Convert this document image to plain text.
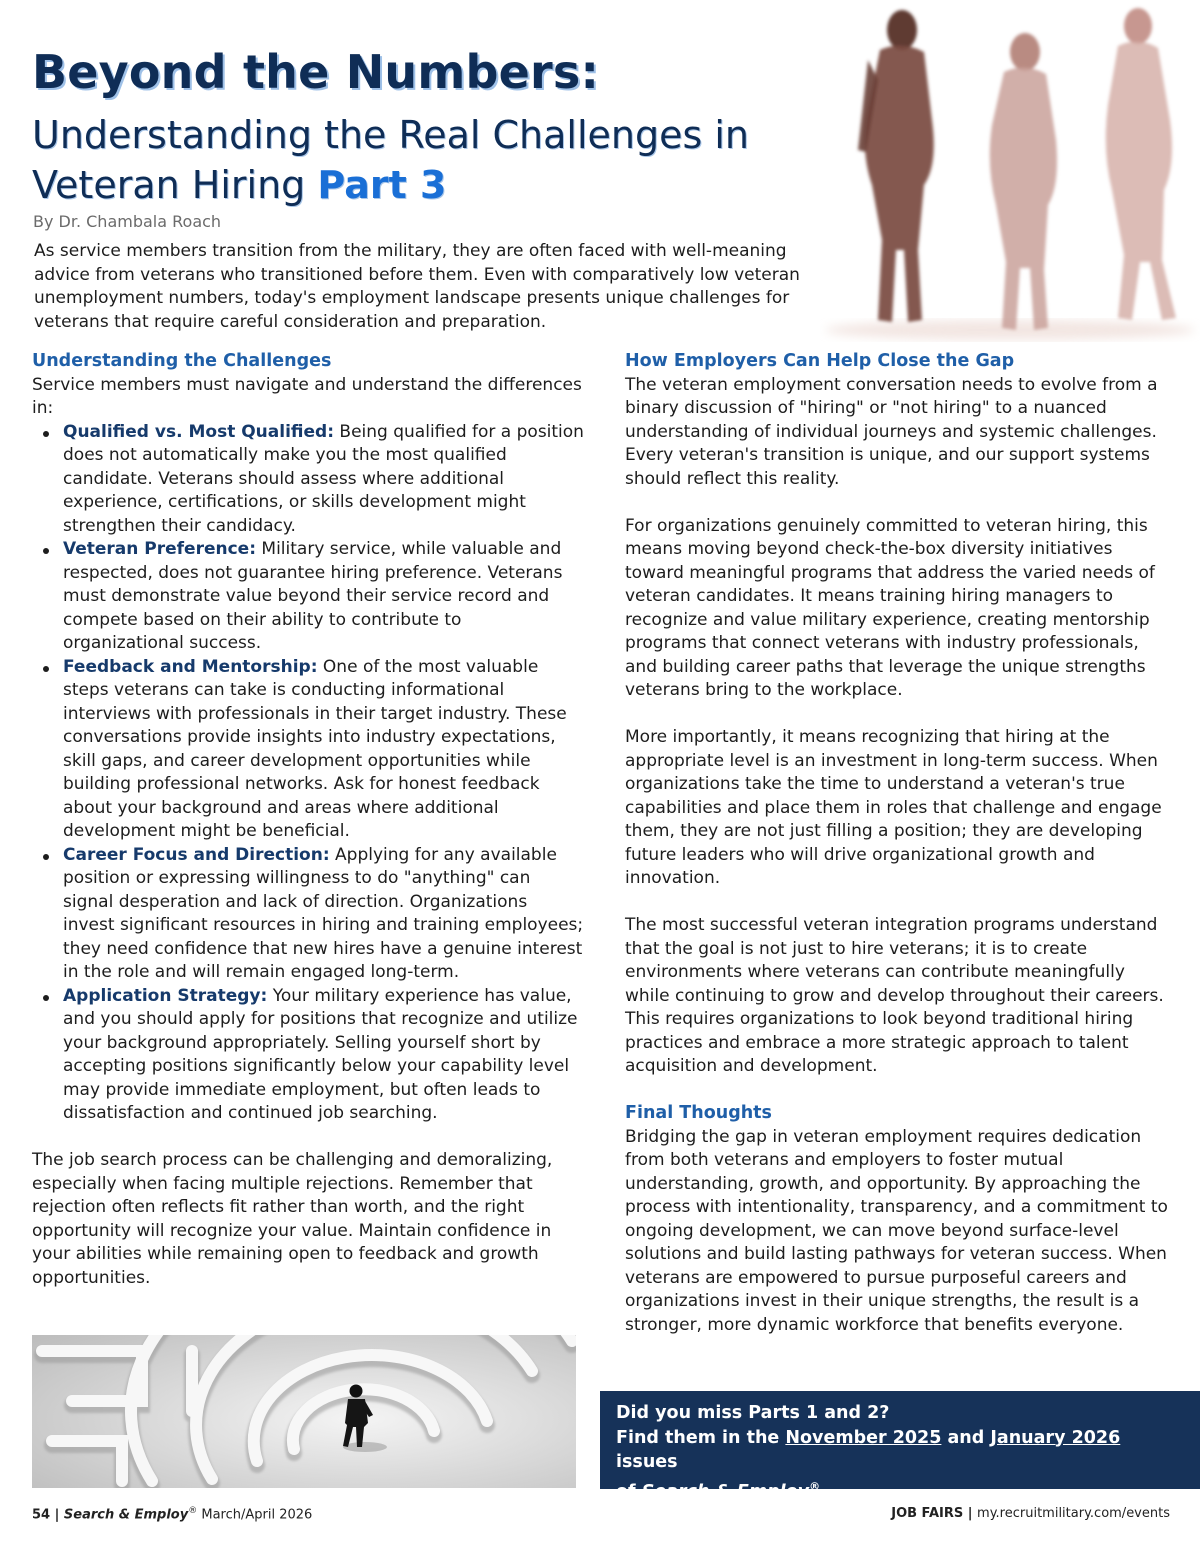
Beyond the Numbers:
Understanding the Real Challenges in Veteran Hiring Part 3
By Dr. Chambala Roach
As service members transition from the military, they are often faced with well-meaning advice from veterans who transitioned before them. Even with comparatively low veteran unemployment numbers, today's employment landscape presents unique challenges for veterans that require careful consideration and preparation.
Understanding the Challenges
Service members must navigate and understand the differences in:
Qualified vs. Most Qualified: Being qualified for a position does not automatically make you the most qualified candidate. Veterans should assess where additional experience, certifications, or skills development might strengthen their candidacy.
Veteran Preference: Military service, while valuable and respected, does not guarantee hiring preference. Veterans must demonstrate value beyond their service record and compete based on their ability to contribute to organizational success.
Feedback and Mentorship: One of the most valuable steps veterans can take is conducting informational interviews with professionals in their target industry. These conversations provide insights into industry expectations, skill gaps, and career development opportunities while building professional networks. Ask for honest feedback about your background and areas where additional development might be beneficial.
Career Focus and Direction: Applying for any available position or expressing willingness to do "anything" can signal desperation and lack of direction. Organizations invest significant resources in hiring and training employees; they need confidence that new hires have a genuine interest in the role and will remain engaged long-term.
Application Strategy: Your military experience has value, and you should apply for positions that recognize and utilize your background appropriately. Selling yourself short by accepting positions significantly below your capability level may provide immediate employment, but often leads to dissatisfaction and continued job searching.
The job search process can be challenging and demoralizing, especially when facing multiple rejections. Remember that rejection often reflects fit rather than worth, and the right opportunity will recognize your value. Maintain confidence in your abilities while remaining open to feedback and growth opportunities.
How Employers Can Help Close the Gap
The veteran employment conversation needs to evolve from a binary discussion of "hiring" or "not hiring" to a nuanced understanding of individual journeys and systemic challenges. Every veteran's transition is unique, and our support systems should reflect this reality.
For organizations genuinely committed to veteran hiring, this means moving beyond check-the-box diversity initiatives toward meaningful programs that address the varied needs of veteran candidates. It means training hiring managers to recognize and value military experience, creating mentorship programs that connect veterans with industry professionals, and building career paths that leverage the unique strengths veterans bring to the workplace.
More importantly, it means recognizing that hiring at the appropriate level is an investment in long-term success. When organizations take the time to understand a veteran's true capabilities and place them in roles that challenge and engage them, they are not just filling a position; they are developing future leaders who will drive organizational growth and innovation.
The most successful veteran integration programs understand that the goal is not just to hire veterans; it is to create environments where veterans can contribute meaningfully while continuing to grow and develop throughout their careers. This requires organizations to look beyond traditional hiring practices and embrace a more strategic approach to talent acquisition and development.
Final Thoughts
Bridging the gap in veteran employment requires dedication from both veterans and employers to foster mutual understanding, growth, and opportunity. By approaching the process with intentionality, transparency, and a commitment to ongoing development, we can move beyond surface-level solutions and build lasting pathways for veteran success. When veterans are empowered to pursue purposeful careers and organizations invest in their unique strengths, the result is a stronger, more dynamic workforce that benefits everyone.
Did you miss Parts 1 and 2?
Find them in the November 2025 and January 2026 issues
of Search & Employ®.
54 | Search & Employ® March/April 2026	JOB FAIRS | my.recruitmilitary.com/events
